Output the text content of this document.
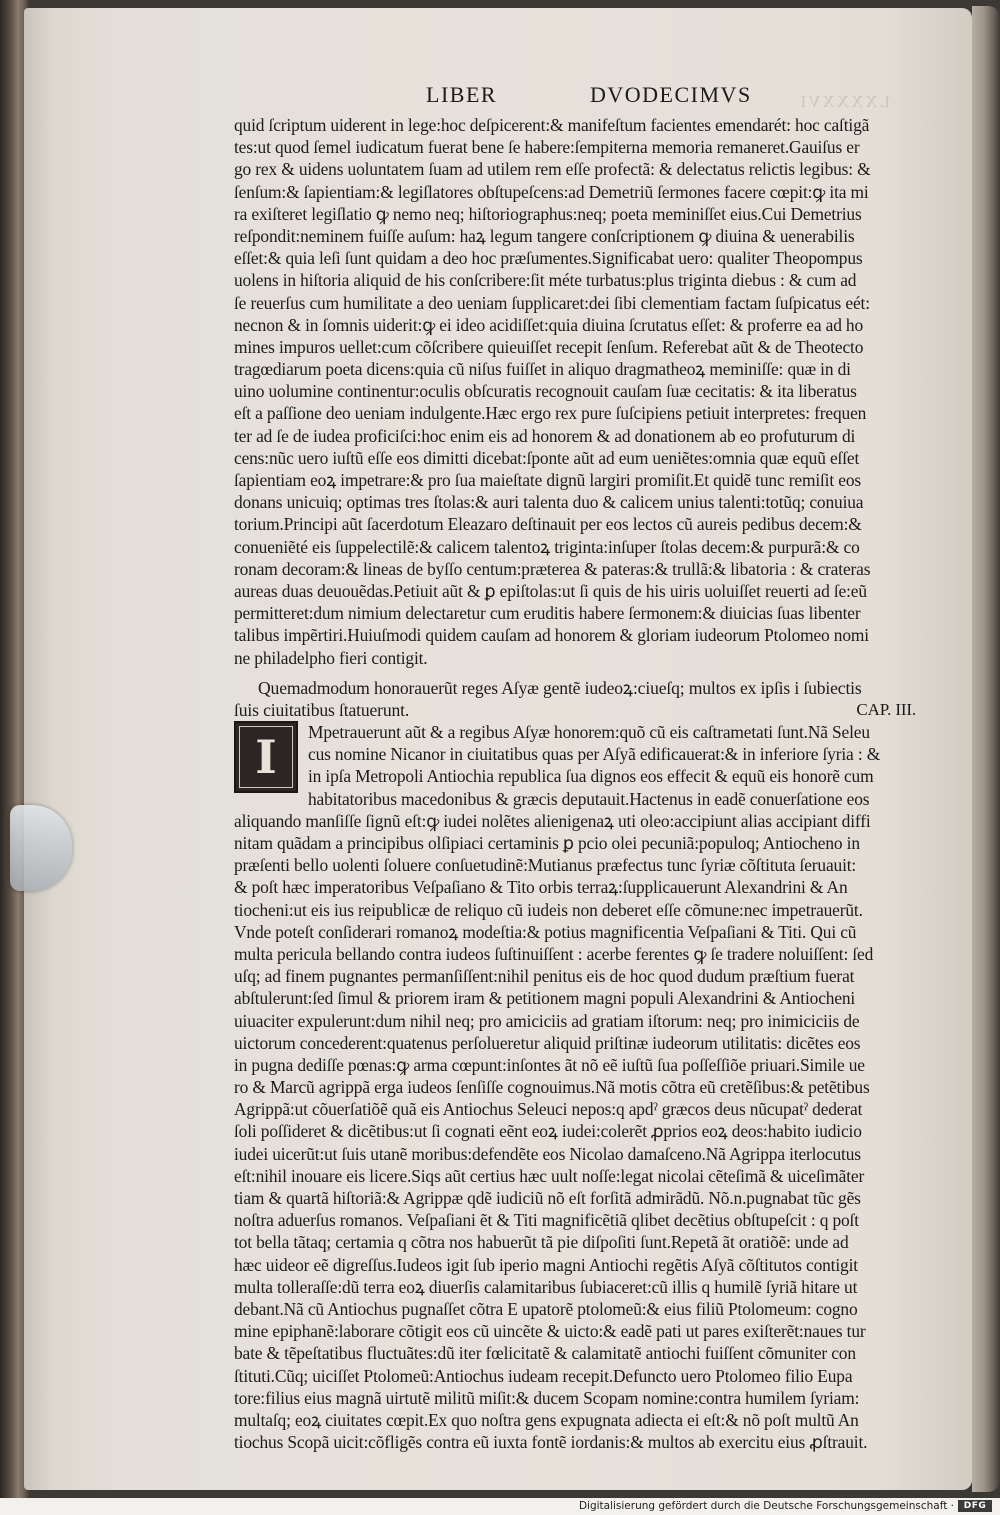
LXXXXVI
LIBER	DVODECIMVS
quid ſcriptum uiderent in lege:hoc deſpicerent:& manifeſtum facientes emendarét: hoc caſtigã
tes:ut quod ſemel iudicatum fuerat bene ſe habere:ſempiterna memoria remaneret.Gauiſus er
go rex & uidens uoluntatem ſuam ad utilem rem eſſe profectã: & delectatus relictis legibus: &
ſenſum:& ſapientiam:& legiſlatores obſtupeſcens:ad Demetriũ ſermones facere cœpit:ꝙ ita mi
ra exiſteret legiſlatio ꝙ nemo neq; hiſtoriographus:neq; poeta meminiſſet eius.Cui Demetrius
reſpondit:neminem fuiſſe auſum: haꝝ legum tangere conſcriptionem ꝙ diuina & uenerabilis
eſſet:& quia leſi ſunt quidam a deo hoc præſumentes.Significabat uero: qualiter Theopompus
uolens in hiſtoria aliquid de his conſcribere:ſit méte turbatus:plus triginta diebus : & cum ad
ſe reuerſus cum humilitate a deo ueniam ſupplicaret:dei ſibi clementiam factam ſuſpicatus eét:
necnon & in ſomnis uiderit:ꝙ ei ideo acidiſſet:quia diuina ſcrutatus eſſet: & proferre ea ad ho
mines impuros uellet:cum cõſcribere quieuiſſet recepit ſenſum. Referebat aũt & de Theotecto
tragœdiarum poeta dicens:quia cũ niſus fuiſſet in aliquo dragmatheoꝝ meminiſſe: quæ in di
uino uolumine continentur:oculis obſcuratis recognouit cauſam ſuæ cecitatis: & ita liberatus
eſt a paſſione deo ueniam indulgente.Hæc ergo rex pure ſuſcipiens petiuit interpretes: frequen
ter ad ſe de iudea proficiſci:hoc enim eis ad honorem & ad donationem ab eo profuturum di
cens:nũc uero iuſtũ eſſe eos dimitti dicebat:ſponte aũt ad eum ueniẽtes:omnia quæ equũ eſſet
ſapientiam eoꝝ impetrare:& pro ſua maieſtate dignũ largiri promiſit.Et quidẽ tunc remiſit eos
donans unicuiq; optimas tres ſtolas:& auri talenta duo & calicem unius talenti:totũq; conuiua
torium.Principi aũt ſacerdotum Eleazaro deſtinauit per eos lectos cũ aureis pedibus decem:&
conueniẽté eis ſuppelectilẽ:& calicem talentoꝝ triginta:inſuper ſtolas decem:& purpurã:& co
ronam decoram:& lineas de byſſo centum:præterea & pateras:& trullã:& libatoria : & crateras
aureas duas deuouẽdas.Petiuit aũt & ꝑ epiſtolas:ut ſi quis de his uiris uoluiſſet reuerti ad ſe:eũ
permitteret:dum nimium delectaretur cum eruditis habere ſermonem:& diuicias ſuas libenter
talibus impẽrtiri.Huiuſmodi quidem cauſam ad honorem & gloriam iudeorum Ptolomeo nomi
ne philadelpho fieri contigit.
Quemadmodum honorauerũt reges Aſyæ gentẽ iudeoꝝ:ciueſq; multos ex ipſis i ſubiectis
ſuis ciuitatibus ſtatuerunt.	CAP. III.
I	Mpetrauerunt aũt & a regibus Aſyæ honorem:quõ cũ eis caſtrametati ſunt.Nã Seleu
cus nomine Nicanor in ciuitatibus quas per Aſyã edificauerat:& in inferiore ſyria : &
in ipſa Metropoli Antiochia republica ſua dignos eos effecit & equũ eis honorẽ cum
habitatoribus macedonibus & græcis deputauit.Hactenus in eadẽ conuerſatione eos
aliquando manſiſſe ſignũ eſt:ꝙ iudei nolẽtes alienigenaꝝ uti oleo:accipiunt alias accipiant diffi
nitam quãdam a principibus olſipiaci certaminis ꝑ pcio olei pecuniã:populoq; Antiocheno in
præſenti bello uolenti ſoluere conſuetudinẽ:Mutianus præfectus tunc ſyriæ cõſtituta ſeruauit:
& poſt hæc imperatoribus Veſpaſiano & Tito orbis terraꝝ:ſupplicauerunt Alexandrini & An
tiocheni:ut eis ius reipublicæ de reliquo cũ iudeis non deberet eſſe cõmune:nec impetrauerũt.
Vnde poteſt conſiderari romanoꝝ modeſtia:& potius magnificentia Veſpaſiani & Titi. Qui cũ
multa pericula bellando contra iudeos ſuſtinuiſſent : acerbe ferentes ꝙ ſe tradere noluiſſent: ſed
uſq; ad finem pugnantes permanſiſſent:nihil penitus eis de hoc quod dudum præſtium fuerat
abſtulerunt:ſed ſimul & priorem iram & petitionem magni populi Alexandrini & Antiocheni
uiuaciter expulerunt:dum nihil neq; pro amiciciis ad gratiam iſtorum: neq; pro inimiciciis de
uictorum concederent:quatenus perſolueretur aliquid priſtinæ iudeorum utilitatis: dicẽtes eos
in pugna dediſſe pœnas:ꝙ arma cœpunt:inſontes ãt nõ eẽ iuſtũ ſua poſſeſſiõe priuari.Simile ue
ro & Marcũ agrippã erga iudeos ſenſiſſe cognouimus.Nã motis cõtra eũ cretẽſibus:& petẽtibus
Agrippã:ut cõuerſatiõẽ quã eis Antiochus Seleuci nepos:q apdˀ græcos deus nũcupatˀ dederat
ſoli poſſideret & dicẽtibus:ut ſi cognati eẽnt eoꝝ iudei:colerẽt ꝓprios eoꝝ deos:habito iudicio
iudei uicerũt:ut ſuis utanẽ moribus:defendẽte eos Nicolao damaſceno.Nã Agrippa iterlocutus
eſt:nihil inouare eis licere.Siqs aũt certius hæc uult noſſe:legat nicolai cẽteſimã & uiceſimãter
tiam & quartã hiſtoriã:& Agrippæ qdẽ iudiciũ nõ eſt forſitã admirãdũ. Nõ.n.pugnabat tũc gẽs
noſtra aduerſus romanos. Veſpaſiani ẽt & Titi magnificẽtiã qlibet decẽtius obſtupeſcit : q poſt
tot bella tãtaq; certamia q cõtra nos habuerũt tã pie diſpoſiti ſunt.Repetã ãt oratiõẽ: unde ad
hæc uideor eẽ digreſſus.Iudeos igit ſub iperio magni Antiochi regẽtis Aſyã cõſtitutos contigit
multa tolleraſſe:dũ terra eoꝝ diuerſis calamitaribus ſubiaceret:cũ illis q humilẽ ſyriã hitare ut
debant.Nã cũ Antiochus pugnaſſet cõtra E upatorẽ ptolomeũ:& eius filiũ Ptolomeum: cogno
mine epiphanẽ:laborare cõtigit eos cũ uincẽte & uicto:& eadẽ pati ut pares exiſterẽt:naues tur
bate & tẽpeſtatibus fluctuãtes:dũ iter fœlicitatẽ & calamitatẽ antiochi fuiſſent cõmuniter con
ſtituti.Cũq; uiciſſet Ptolomeũ:Antiochus iudeam recepit.Defuncto uero Ptolomeo filio Eupa
tore:filius eius magnã uirtutẽ militũ miſit:& ducem Scopam nomine:contra humilem ſyriam:
multaſq; eoꝝ ciuitates cœpit.Ex quo noſtra gens expugnata adiecta ei eſt:& nõ poſt multũ An
tiochus Scopã uicit:cõfligẽs contra eũ iuxta fontẽ iordanis:& multos ab exercitu eius ꝓſtrauit.
Digitalisierung gefördert durch die Deutsche Forschungsgemeinschaft ·	DFG
